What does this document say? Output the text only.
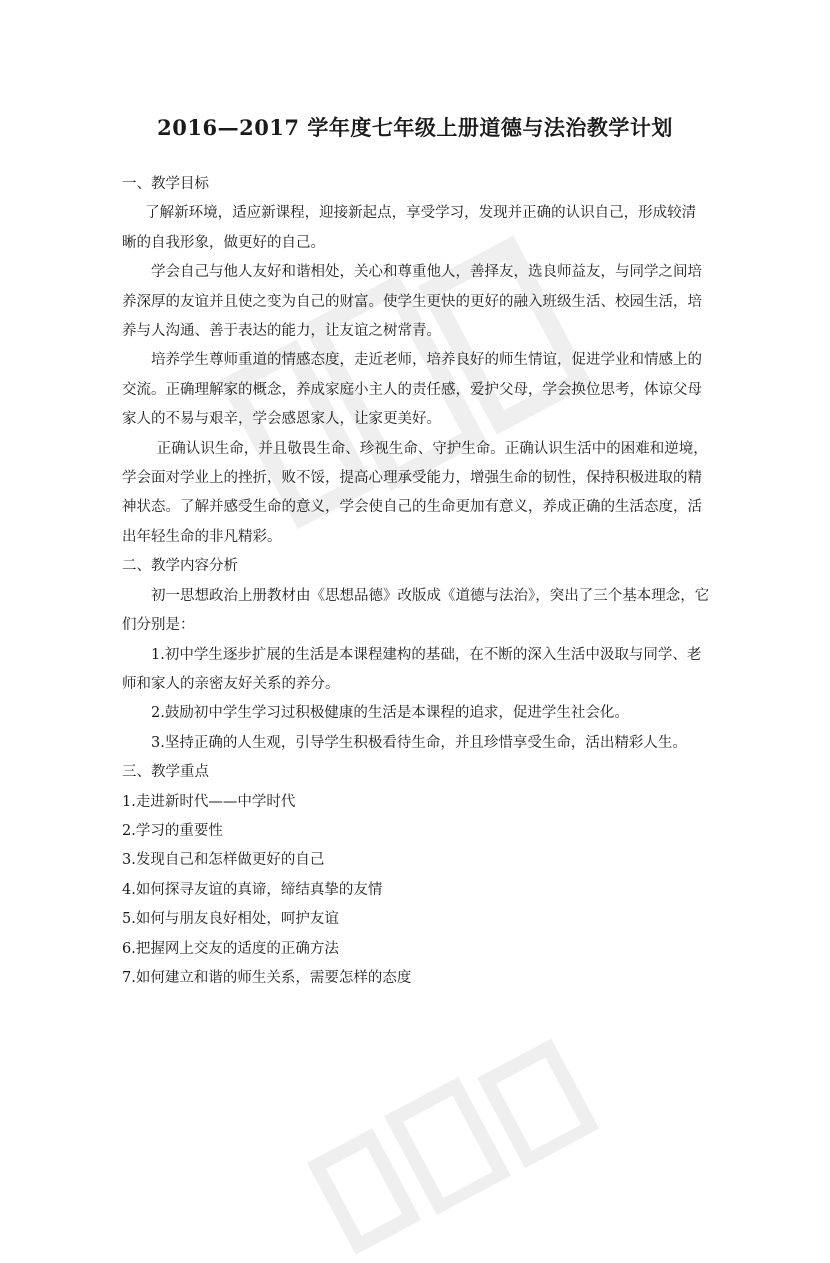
2016—2017 学年度七年级上册道德与法治教学计划

一、教学目标

了解新环境，适应新课程，迎接新起点，享受学习，发现并正确的认识自己，形成较清晰的自我形象，做更好的自己。

学会自己与他人友好和谐相处，关心和尊重他人，善择友，选良师益友，与同学之间培养深厚的友谊并且使之变为自己的财富。使学生更快的更好的融入班级生活、校园生活，培养与人沟通、善于表达的能力，让友谊之树常青。

培养学生尊师重道的情感态度，走近老师，培养良好的师生情谊，促进学业和情感上的交流。正确理解家的概念，养成家庭小主人的责任感，爱护父母，学会换位思考，体谅父母家人的不易与艰辛，学会感恩家人，让家更美好。

正确认识生命，并且敬畏生命、珍视生命、守护生命。正确认识生活中的困难和逆境，学会面对学业上的挫折，败不馁，提高心理承受能力，增强生命的韧性，保持积极进取的精神状态。了解并感受生命的意义，学会使自己的生命更加有意义，养成正确的生活态度，活出年轻生命的非凡精彩。

二、教学内容分析

初一思想政治上册教材由《思想品德》改版成《道德与法治》，突出了三个基本理念，它们分别是：

1.初中学生逐步扩展的生活是本课程建构的基础，在不断的深入生活中汲取与同学、老师和家人的亲密友好关系的养分。

2.鼓励初中学生学习过积极健康的生活是本课程的追求，促进学生社会化。

3.坚持正确的人生观，引导学生积极看待生命，并且珍惜享受生命，活出精彩人生。

三、教学重点

1.走进新时代——中学时代

2.学习的重要性

3.发现自己和怎样做更好的自己

4.如何探寻友谊的真谛，缔结真挚的友情

5.如何与朋友良好相处，呵护友谊

6.把握网上交友的适度的正确方法

7.如何建立和谐的师生关系，需要怎样的态度
